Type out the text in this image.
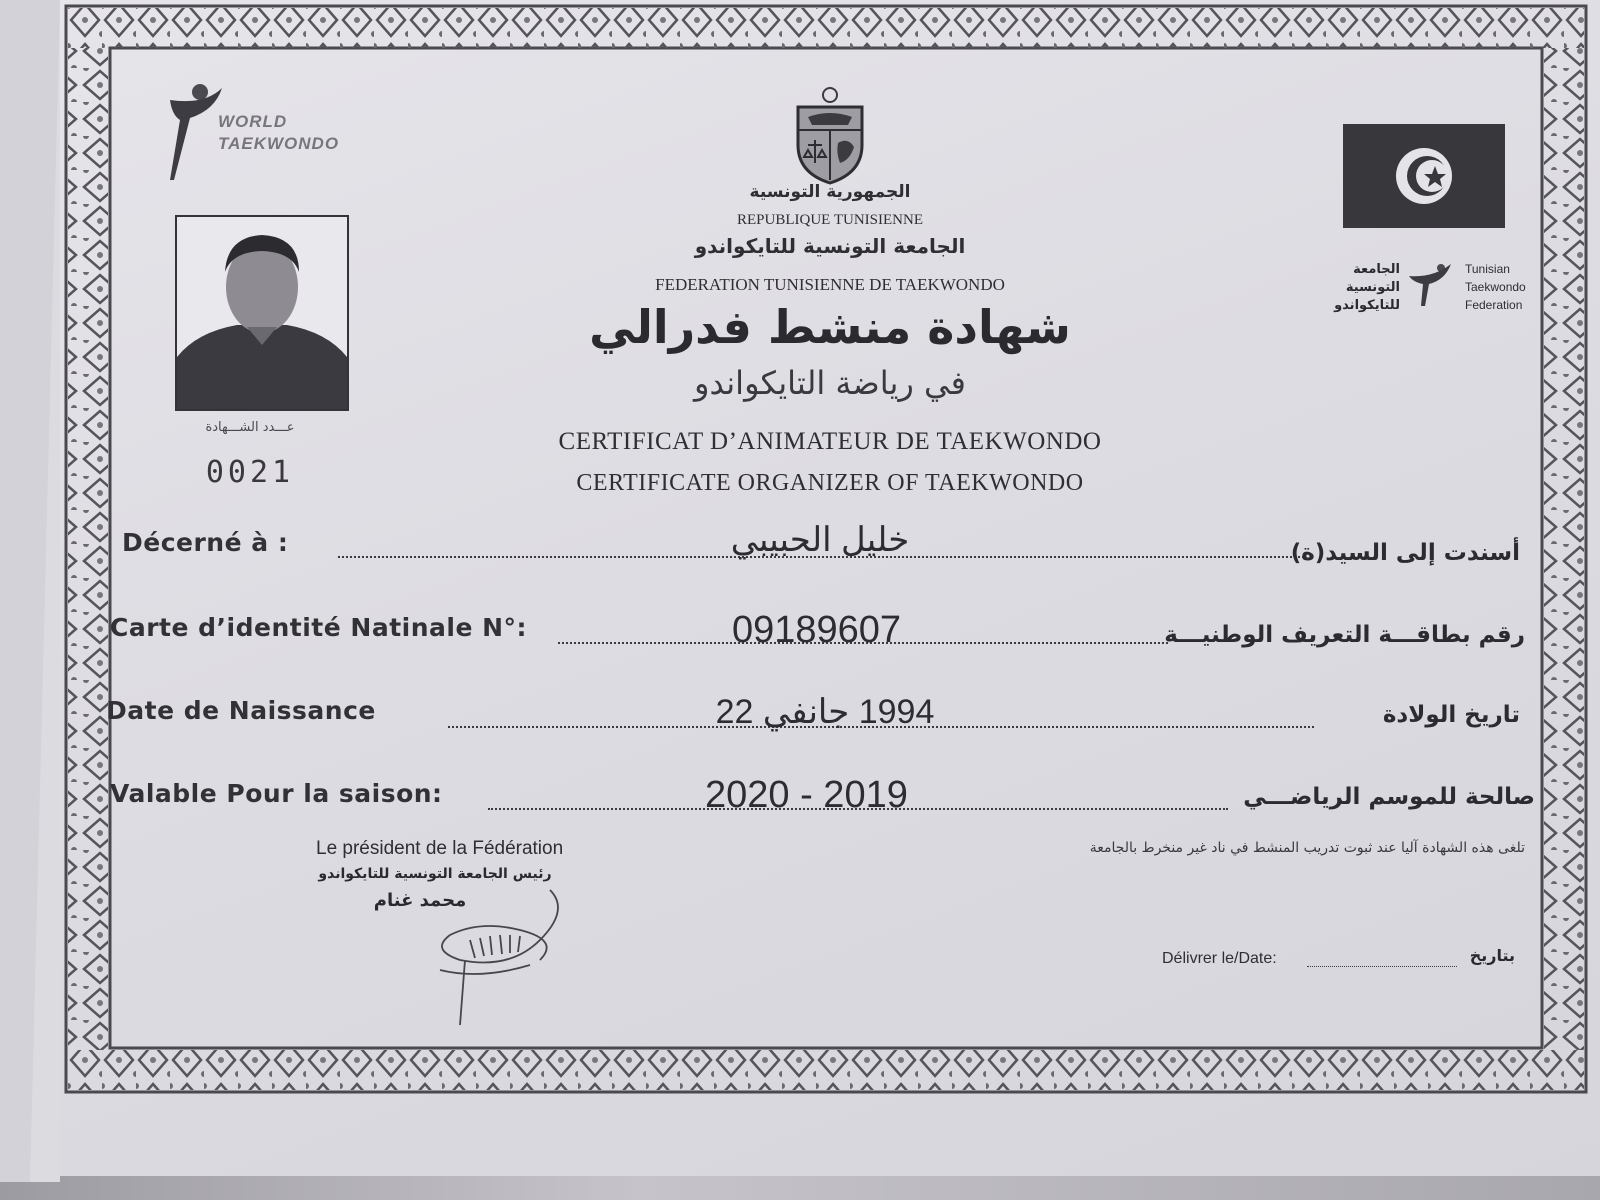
WORLD
TAEKWONDO
عـــدد الشـــهادة
0021
الجمهورية التونسية
REPUBLIQUE TUNISIENNE
الجامعة التونسية للتايكواندو
FEDERATION TUNISIENNE DE TAEKWONDO
شهادة منشط فدرالي
في رياضة التايكواندو
CERTIFICAT D’ANIMATEUR DE TAEKWONDO
CERTIFICATE ORGANIZER OF TAEKWONDO
الجامعة
التونسية
للتايكواندو
Tunisian
Taekwondo
Federation
Décerné à :	خليل الحبيبي	أسندت إلى السيد(ة)
Carte d’identité Natinale N°:	09189607	رقم بطاقـــة التعريف الوطنيـــة
Date de Naissance	1994 جانفي 22	تاريخ الولادة
Valable Pour la saison:	2020 - 2019	صالحة للموسم الرياضـــي
Le président de la Fédération
رئيس الجامعة التونسية للتايكواندو
محمد غنام
تلغى هذه الشهادة آليا عند ثبوت تدريب المنشط في ناد غير منخرط بالجامعة
Délivrer le/Date:	بتاريخ
